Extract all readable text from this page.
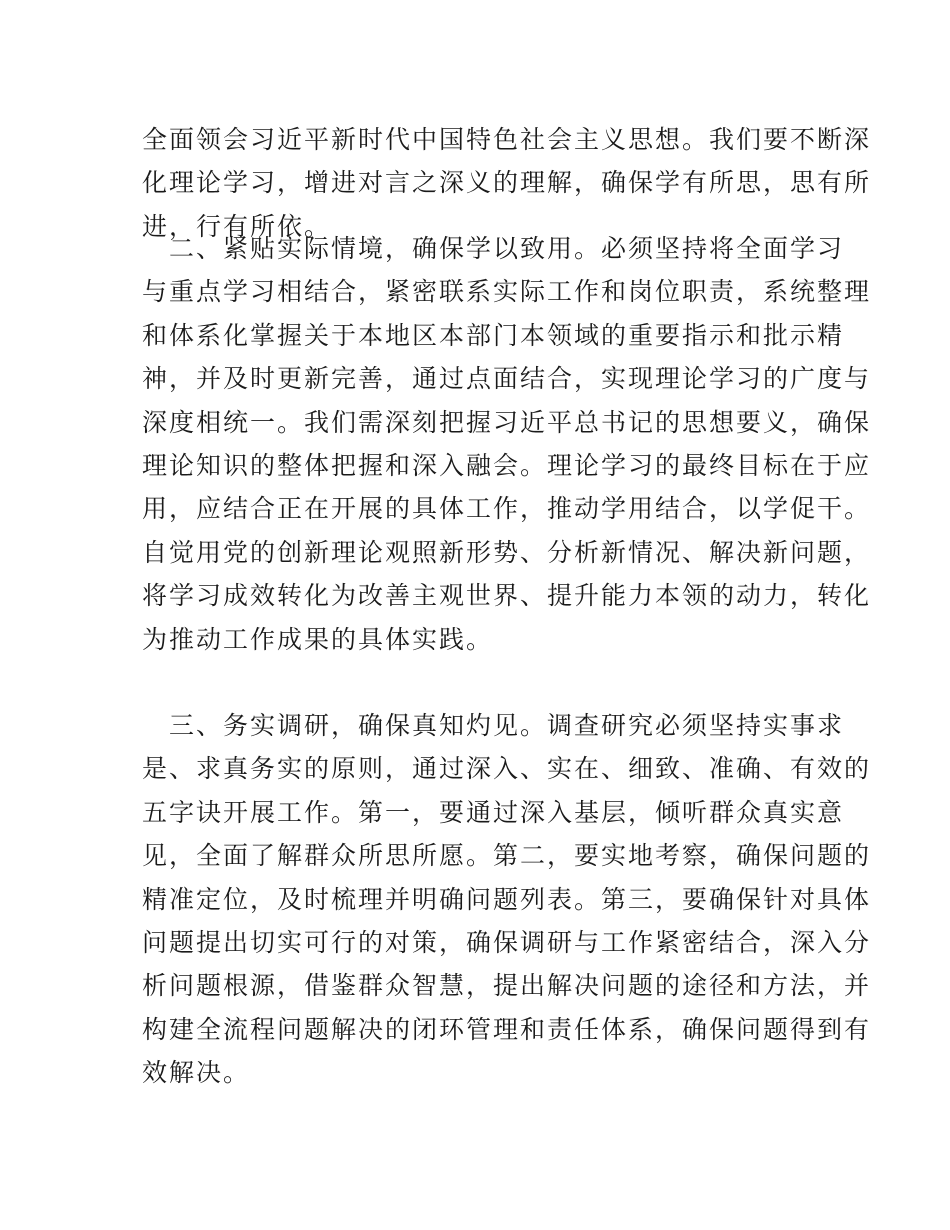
全面领会习近平新时代中国特色社会主义思想。我们要不断深
化理论学习，增进对言之深义的理解，确保学有所思，思有所
进，行有所依。
　二、紧贴实际情境，确保学以致用。必须坚持将全面学习
与重点学习相结合，紧密联系实际工作和岗位职责，系统整理
和体系化掌握关于本地区本部门本领域的重要指示和批示精
神，并及时更新完善，通过点面结合，实现理论学习的广度与
深度相统一。我们需深刻把握习近平总书记的思想要义，确保
理论知识的整体把握和深入融会。理论学习的最终目标在于应
用，应结合正在开展的具体工作，推动学用结合，以学促干。
自觉用党的创新理论观照新形势、分析新情况、解决新问题，
将学习成效转化为改善主观世界、提升能力本领的动力，转化
为推动工作成果的具体实践。
　三、务实调研，确保真知灼见。调查研究必须坚持实事求
是、求真务实的原则，通过深入、实在、细致、准确、有效的
五字诀开展工作。第一，要通过深入基层，倾听群众真实意
见，全面了解群众所思所愿。第二，要实地考察，确保问题的
精准定位，及时梳理并明确问题列表。第三，要确保针对具体
问题提出切实可行的对策，确保调研与工作紧密结合，深入分
析问题根源，借鉴群众智慧，提出解决问题的途径和方法，并
构建全流程问题解决的闭环管理和责任体系，确保问题得到有
效解决。
